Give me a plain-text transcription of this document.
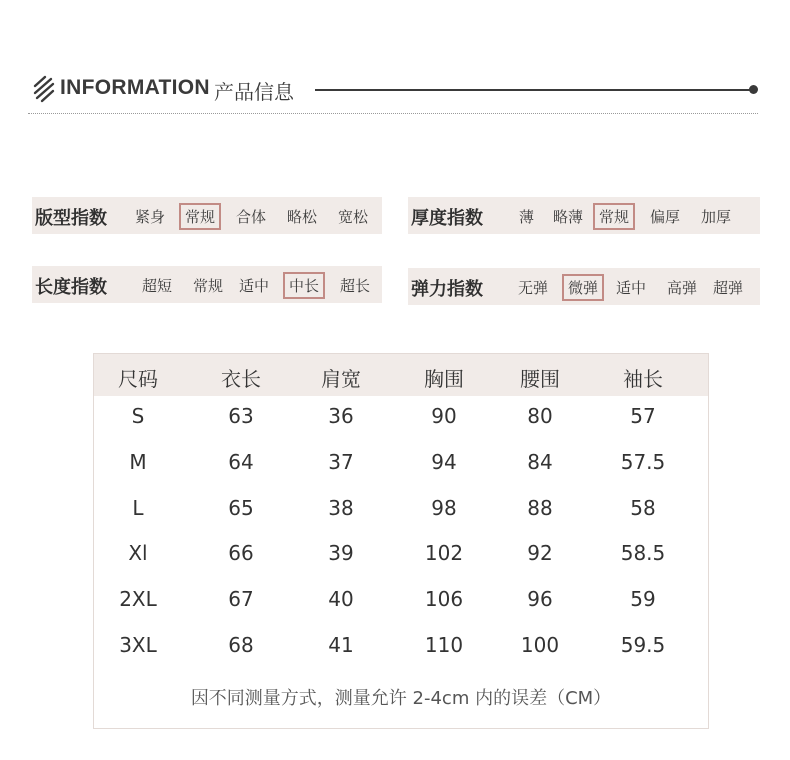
INFORMATION 产品信息
版型指数 紧身	常规	合体 略松 宽松 厚度指数 薄 略薄	常规	偏厚 加厚
长度指数 超短 常规 适中	中长	超长 弹力指数 无弹	微弹	适中 高弹 超弹
尺码	衣长	肩宽	胸围	腰围	袖长
S	63	36	90	80	57
M	64	37	94	84	57.5
L	65	38	98	88	58
Xl	66	39	102	92	58.5
2XL	67	40	106	96	59
3XL	68	41	110	100	59.5
因不同测量方式，测量允许 2-4cm 内的误差（CM）
